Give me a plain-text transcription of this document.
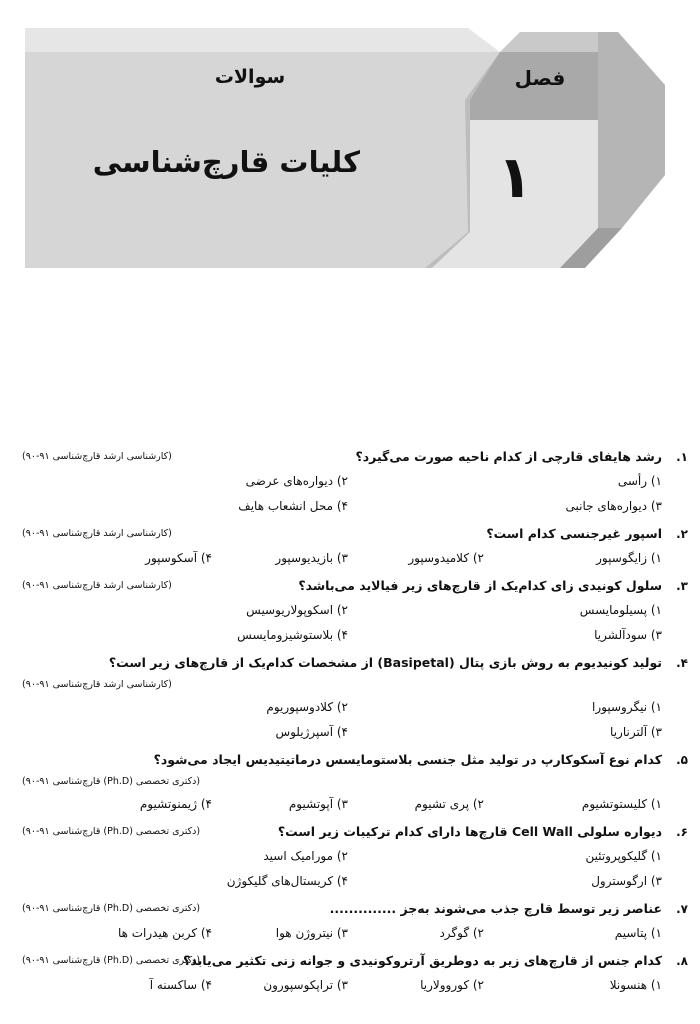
سوالات
کلیات قارچ‌شناسی
فصل
۱
۱.
رشد هایفای قارچی از کدام ناحیه صورت می‌گیرد؟
(کارشناسی ارشد قارچ‌شناسی ۹۱-۹۰)
۱) رأسی
۲) دیواره‌های عرضی
۳) دیواره‌های جانبی
۴) محل انشعاب هایف
۲.
اسپور غیرجنسی کدام است؟
(کارشناسی ارشد قارچ‌شناسی ۹۱-۹۰)
۱) زایگوسپور
۲) کلامیدوسپور
۳) بازیدیوسپور
۴) آسکوسپور
۳.
سلول کونیدی زای کدام‌یک از قارچ‌های زیر فیالاید می‌باشد؟
(کارشناسی ارشد قارچ‌شناسی ۹۱-۹۰)
۱) پسیلومایسس
۲) اسکوپولاریوسیس
۳) سودآلشریا
۴) بلاستوشیزومایسس
۴.
تولید کونیدیوم به روش بازی پتال (Basipetal) از مشخصات کدام‌یک از قارچ‌های زیر است؟
(کارشناسی ارشد قارچ‌شناسی ۹۱-۹۰)
۱) نیگروسپورا
۲) کلادوسپوریوم
۳) آلترناریا
۴) آسپرژیلوس
۵.
کدام نوع آسکوکارپ در تولید مثل جنسی بلاستومایسس درماتیتیدیس ایجاد می‌شود؟
(دکتری تخصصی (Ph.D) قارچ‌شناسی ۹۱-۹۰)
۱) کلیستوتشیوم
۲) پری تشیوم
۳) آپوتشیوم
۴) ژیمنوتشیوم
۶.
دیواره سلولی Cell Wall قارچ‌ها دارای کدام ترکیبات زیر است؟
(دکتری تخصصی (Ph.D) قارچ‌شناسی ۹۱-۹۰)
۱) گلیکوپروتئین
۲) مورامیک اسید
۳) ارگوسترول
۴) کریستال‌های گلیکوژن
۷.
عناصر زیر توسط قارچ جذب می‌شوند به‌جز ..............
(دکتری تخصصی (Ph.D) قارچ‌شناسی ۹۱-۹۰)
۱) پتاسیم
۲) گوگرد
۳) نیتروژن هوا
۴) کربن هیدرات ها
۸.
کدام جنس از قارچ‌های زیر به دوطریق آرتروکونیدی و جوانه زنی تکثیر می‌یابد؟
(دکتری تخصصی (Ph.D) قارچ‌شناسی ۹۱-۹۰)
۱) هنسونلا
۲) کوروولاریا
۳) تراپکوسپورون
۴) ساکسنه آ
